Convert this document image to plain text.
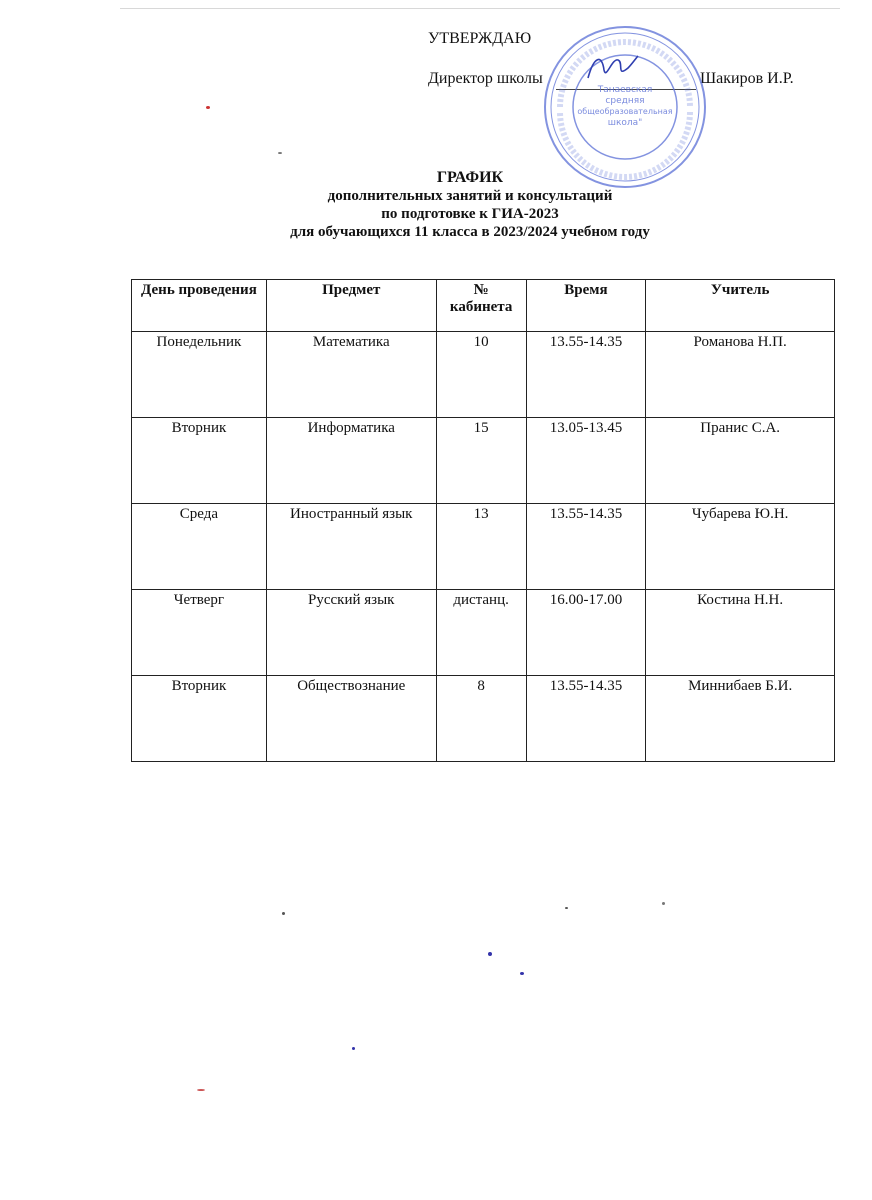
УТВЕРЖДАЮ
Директор школы	Шакиров И.Р.
Танаевская
средняя
общеобразовательная
школа"
ГРАФИК
дополнительных занятий и консультаций
по подготовке к ГИА-2023
для обучающихся 11 класса в 2023/2024 учебном году
День проведения	Предмет	№ кабинета	Время	Учитель
Понедельник	Математика	10	13.55-14.35	Романова Н.П.
Вторник	Информатика	15	13.05-13.45	Пранис С.А.
Среда	Иностранный язык	13	13.55-14.35	Чубарева Ю.Н.
Четверг	Русский язык	дистанц.	16.00-17.00	Костина Н.Н.
Вторник	Обществознание	8	13.55-14.35	Миннибаев Б.И.
